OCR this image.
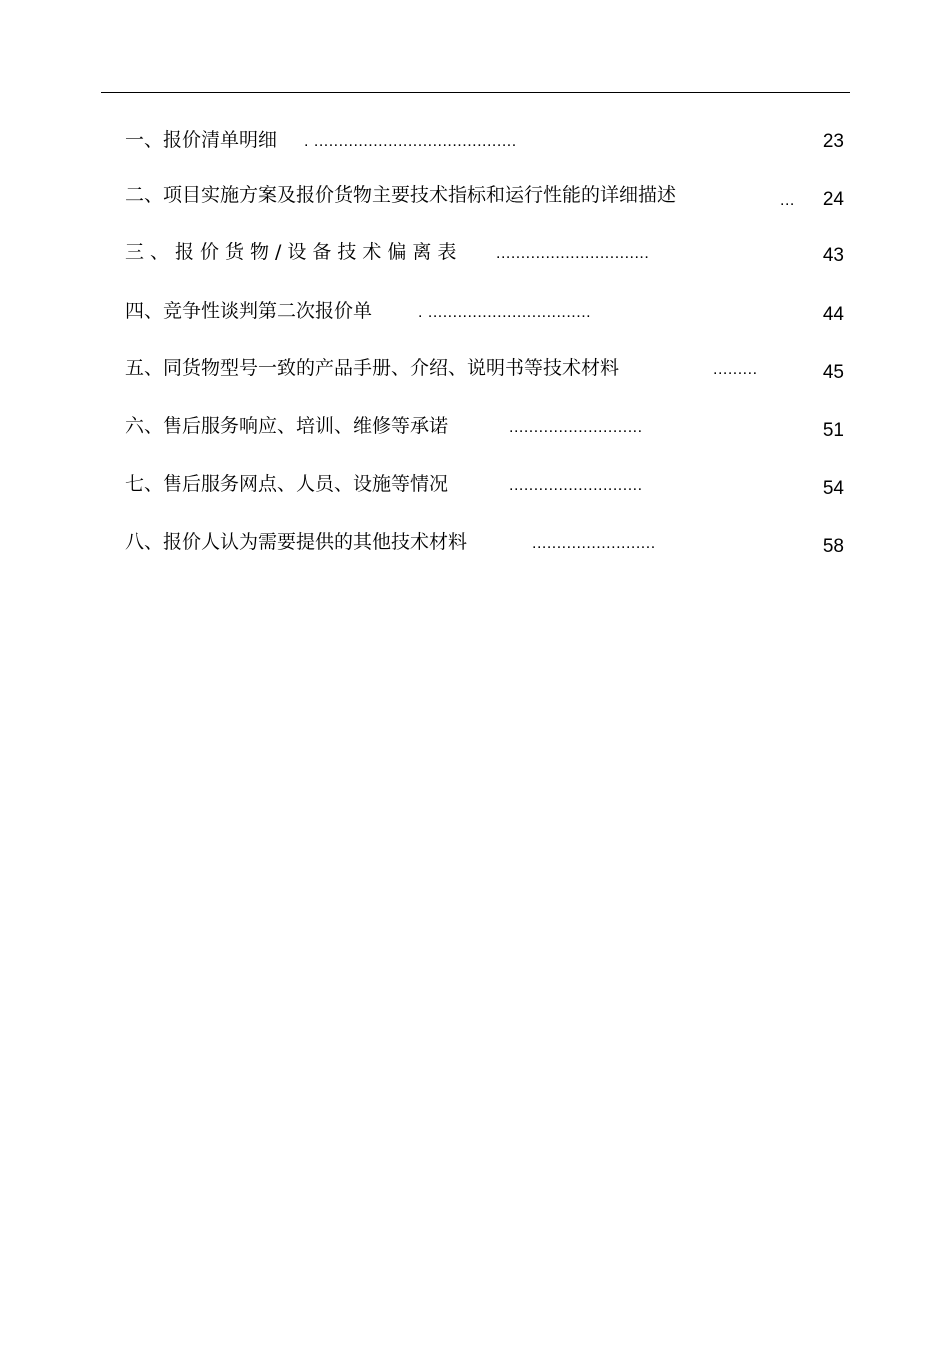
一、报价清单明细 . .........................................	23
二、项目实施方案及报价货物主要技术指标和运行性能的详细描述	...	24
三、报价货物/设备技术偏离表 ...............................	43
四、竞争性谈判第二次报价单	. .................................	44
五、同货物型号一致的产品手册、介绍、说明书等技术材料	.........	45
六、售后服务响应、培训、维修等承诺	...........................	51
七、售后服务网点、人员、设施等情况	...........................	54
八、报价人认为需要提供的其他技术材料	.........................	58
